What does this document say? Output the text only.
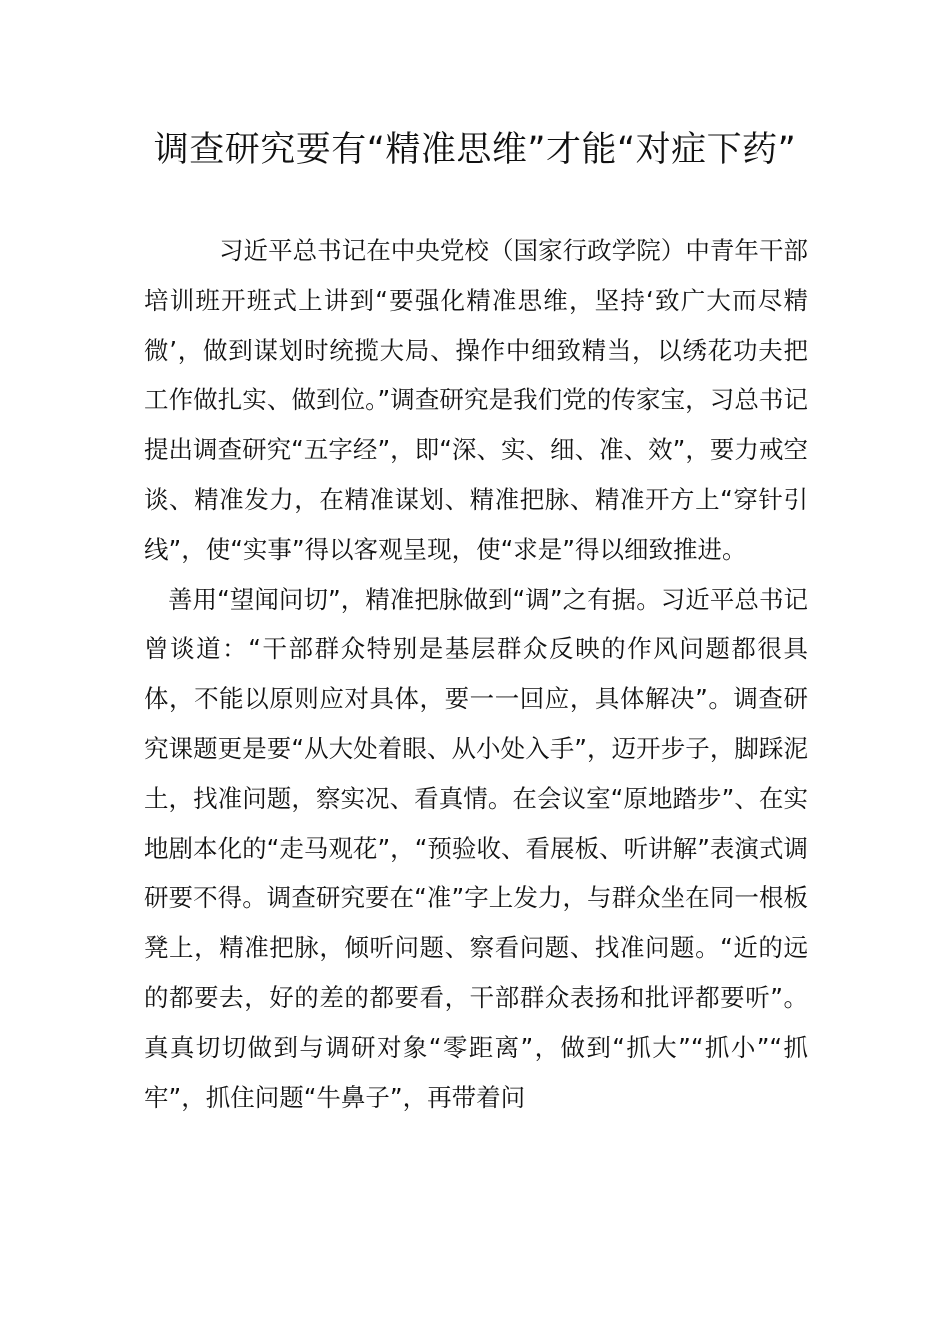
调查研究要有“精准思维”才能“对症下药”

习近平总书记在中央党校（国家行政学院）中青年干部培训班开班式上讲到“要强化精准思维，坚持‘致广大而尽精微’，做到谋划时统揽大局、操作中细致精当，以绣花功夫把工作做扎实、做到位。”调查研究是我们党的传家宝，习总书记提出调查研究“五字经”，即“深、实、细、准、效”，要力戒空谈、精准发力，在精准谋划、精准把脉、精准开方上“穿针引线”，使“实事”得以客观呈现，使“求是”得以细致推进。

善用“望闻问切”，精准把脉做到“调”之有据。习近平总书记曾谈道：“干部群众特别是基层群众反映的作风问题都很具体，不能以原则应对具体，要一一回应，具体解决”。调查研究课题更是要“从大处着眼、从小处入手”，迈开步子，脚踩泥土，找准问题，察实况、看真情。在会议室“原地踏步”、在实地剧本化的“走马观花”，“预验收、看展板、听讲解”表演式调研要不得。调查研究要在“准”字上发力，与群众坐在同一根板凳上，精准把脉，倾听问题、察看问题、找准问题。“近的远的都要去，好的差的都要看，干部群众表扬和批评都要听”。真真切切做到与调研对象“零距离”，做到“抓大”“抓小”“抓牢”，抓住问题“牛鼻子”，再带着问
